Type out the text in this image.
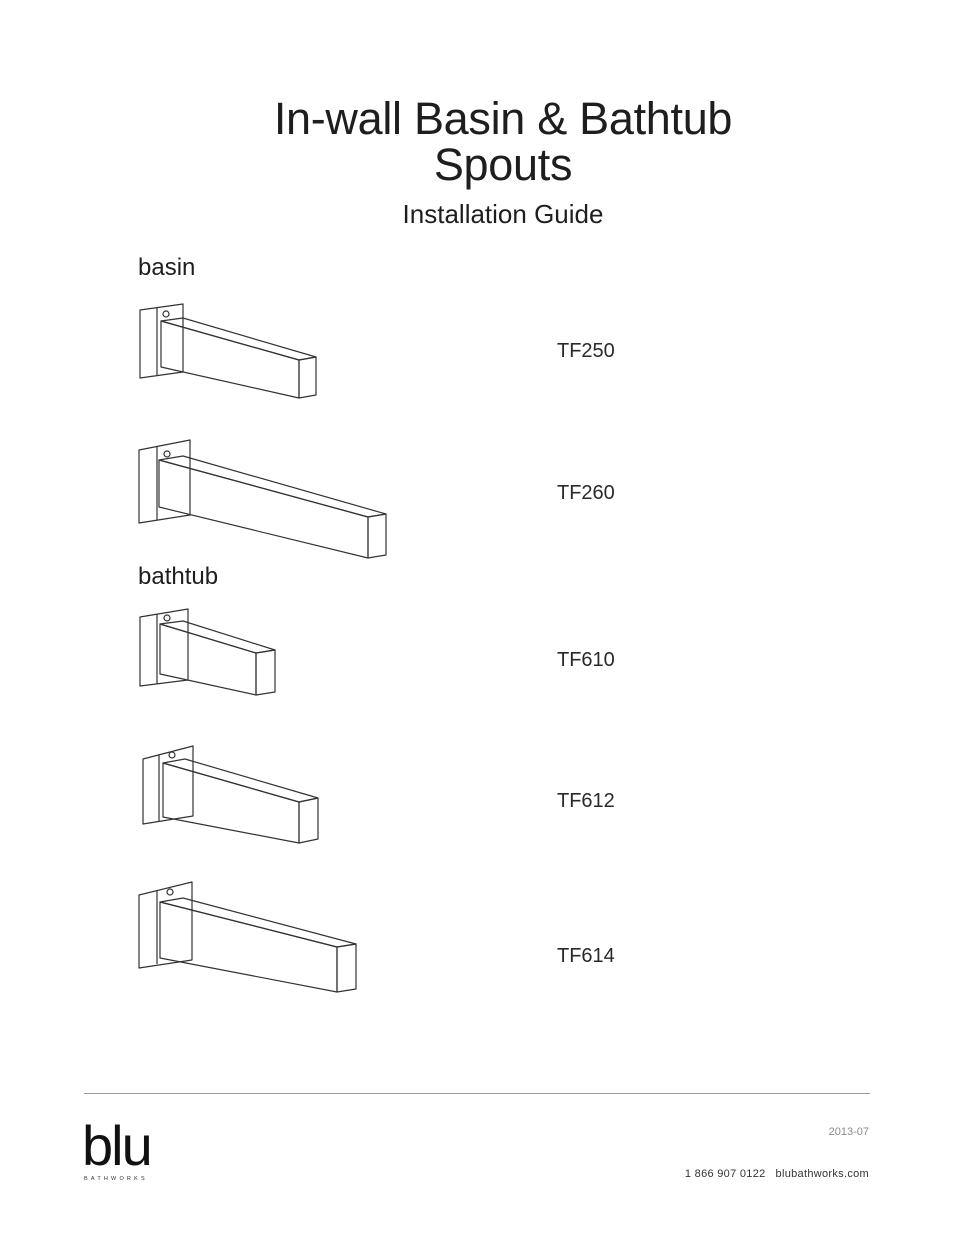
In-wall Basin & Bathtub
Spouts

Installation Guide

basin

bathtub

TF250
TF260
TF610
TF612
TF614
blu
BATHWORKS
2013-07
1 866 907 0122 blubathworks.com
